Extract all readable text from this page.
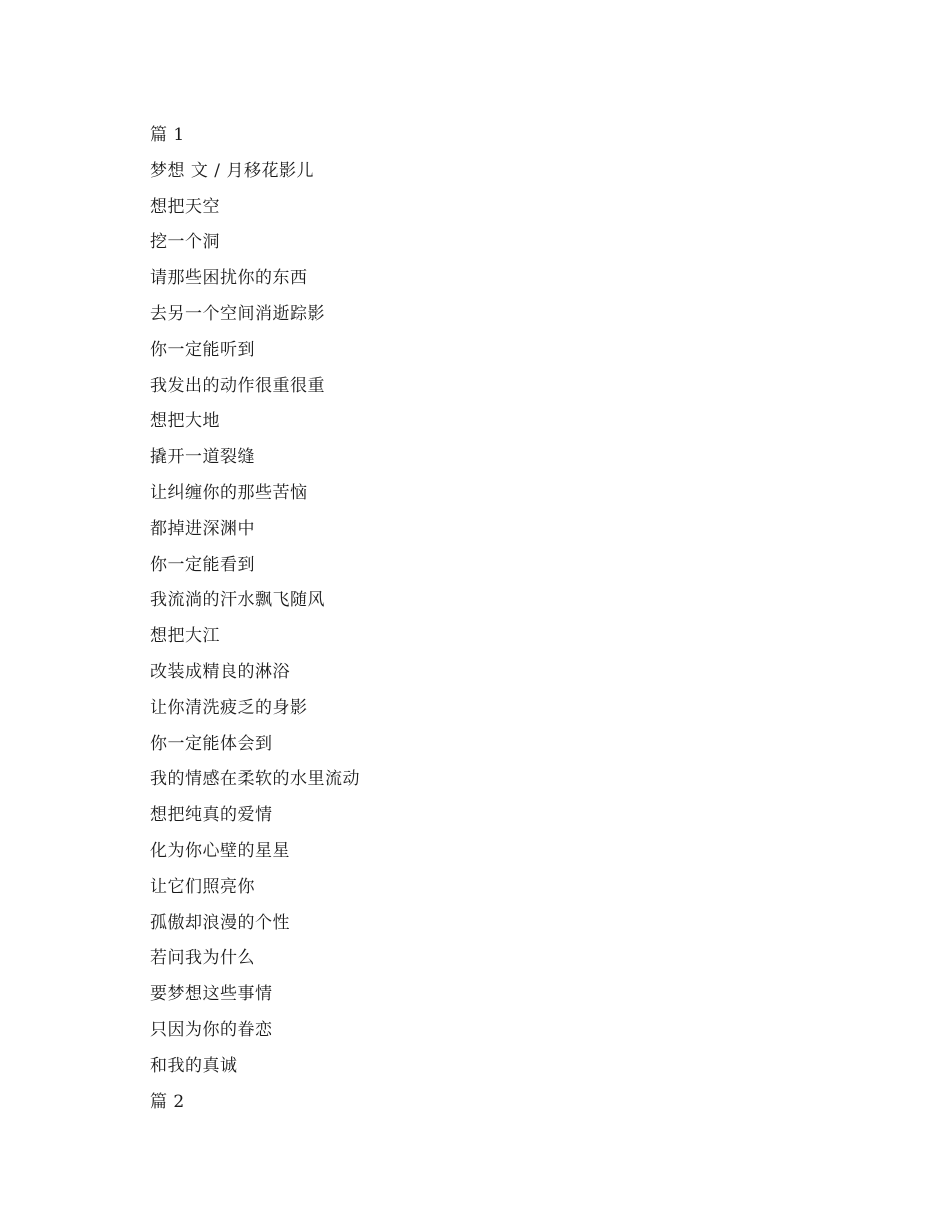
篇 1
梦想 文 / 月移花影儿
想把天空
挖一个洞
请那些困扰你的东西
去另一个空间消逝踪影
你一定能听到
我发出的动作很重很重
想把大地
撬开一道裂缝
让纠缠你的那些苦恼
都掉进深渊中
你一定能看到
我流淌的汗水飘飞随风
想把大江
改装成精良的淋浴
让你清洗疲乏的身影
你一定能体会到
我的情感在柔软的水里流动
想把纯真的爱情
化为你心壁的星星
让它们照亮你
孤傲却浪漫的个性
若问我为什么
要梦想这些事情
只因为你的眷恋
和我的真诚
篇 2
